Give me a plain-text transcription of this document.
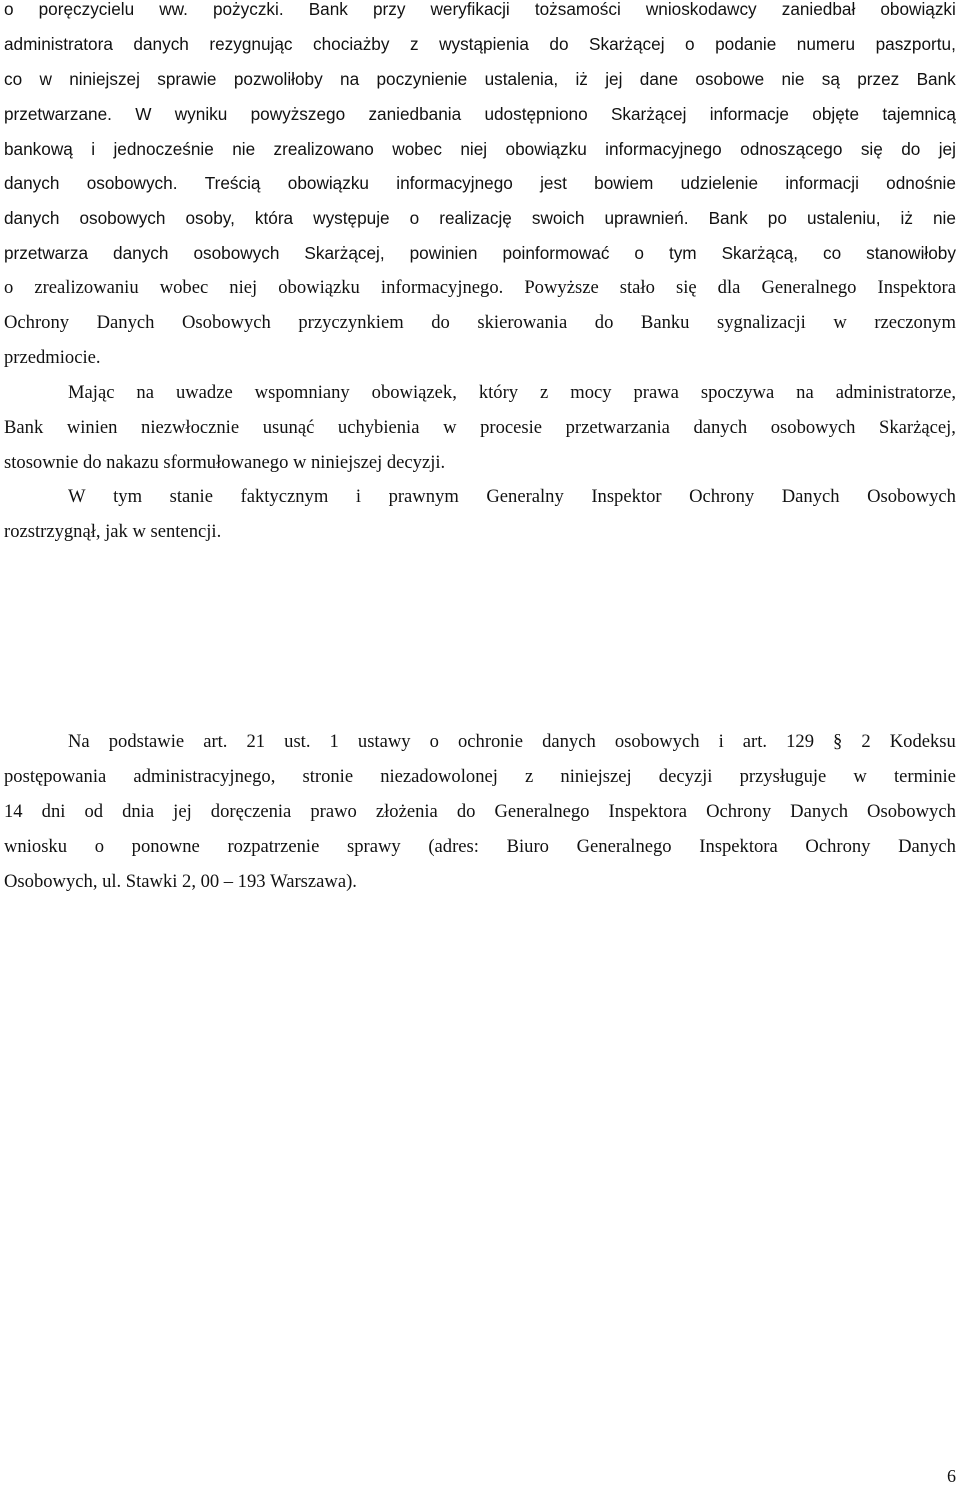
o poręczycielu ww. pożyczki. Bank przy weryfikacji tożsamości wnioskodawcy zaniedbał obowiązki
administratora danych rezygnując chociażby z wystąpienia do Skarżącej o podanie numeru paszportu,
co w niniejszej sprawie pozwoliłoby na poczynienie ustalenia, iż jej dane osobowe nie są przez Bank
przetwarzane. W wyniku powyższego zaniedbania udostępniono Skarżącej informacje objęte tajemnicą
bankową i jednocześnie nie zrealizowano wobec niej obowiązku informacyjnego odnoszącego się do jej
danych osobowych. Treścią obowiązku informacyjnego jest bowiem udzielenie informacji odnośnie
danych osobowych osoby, która występuje o realizację swoich uprawnień. Bank po ustaleniu, iż nie
przetwarza danych osobowych Skarżącej, powinien poinformować o tym Skarżącą, co stanowiłoby
o zrealizowaniu wobec niej obowiązku informacyjnego. Powyższe stało się dla Generalnego Inspektora
Ochrony Danych Osobowych przyczynkiem do skierowania do Banku sygnalizacji w rzeczonym
przedmiocie.
Mając na uwadze wspomniany obowiązek, który z mocy prawa spoczywa na administratorze,
Bank winien niezwłocznie usunąć uchybienia w procesie przetwarzania danych osobowych Skarżącej,
stosownie do nakazu sformułowanego w niniejszej decyzji.
W tym stanie faktycznym i prawnym Generalny Inspektor Ochrony Danych Osobowych
rozstrzygnął, jak w sentencji.
Na podstawie art. 21 ust. 1 ustawy o ochronie danych osobowych i art. 129 § 2 Kodeksu
postępowania administracyjnego, stronie niezadowolonej z niniejszej decyzji przysługuje w terminie
14 dni od dnia jej doręczenia prawo złożenia do Generalnego Inspektora Ochrony Danych Osobowych
wniosku o ponowne rozpatrzenie sprawy (adres: Biuro Generalnego Inspektora Ochrony Danych
Osobowych, ul. Stawki 2, 00 – 193 Warszawa).
6
